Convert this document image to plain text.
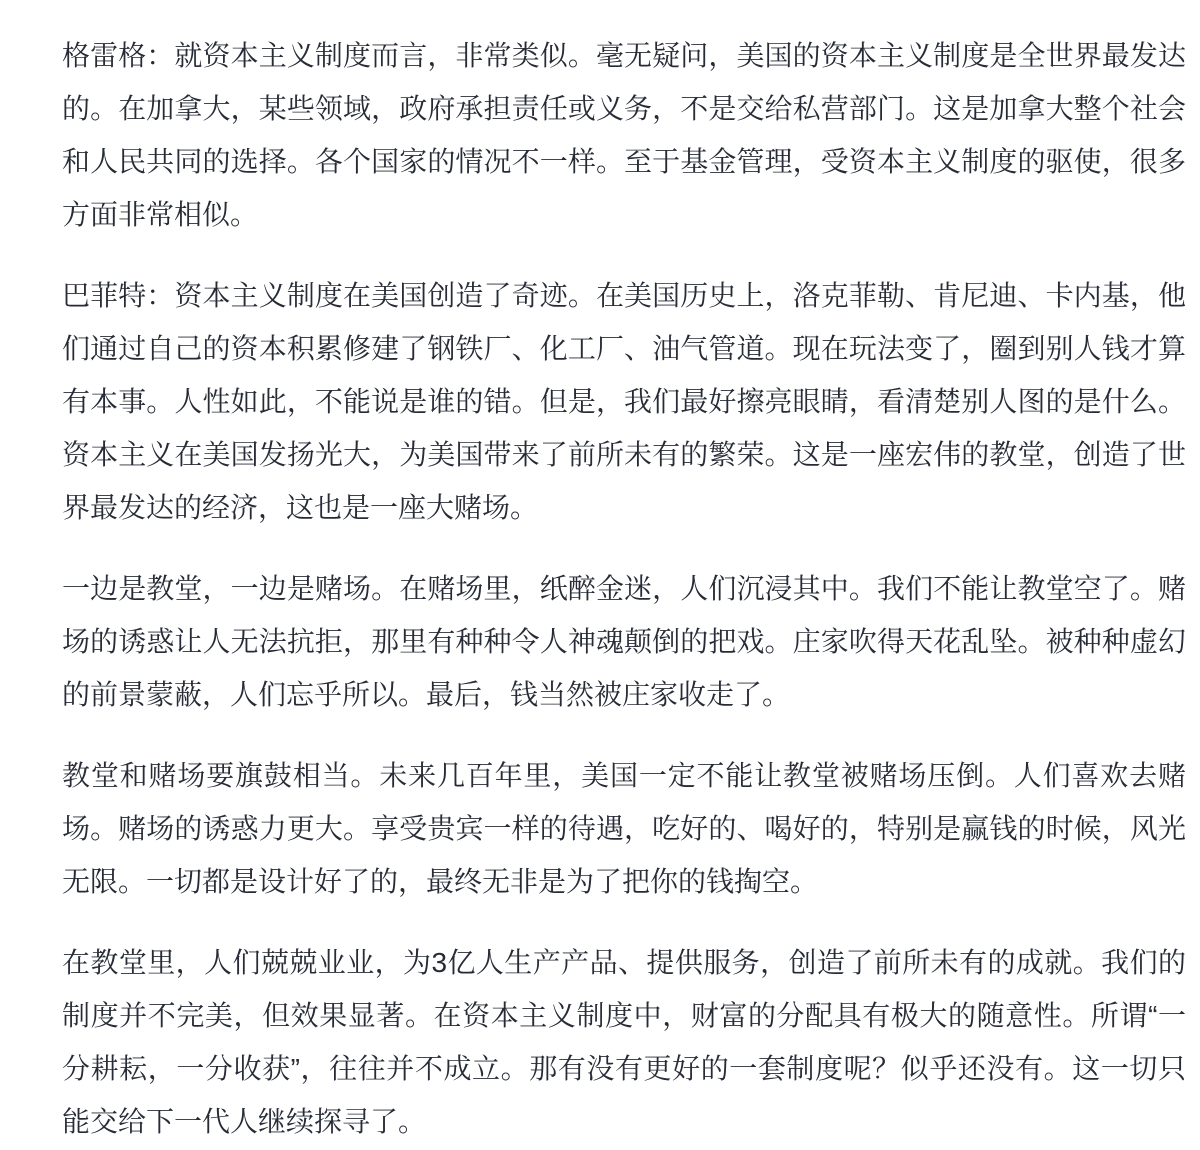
格雷格：就资本主义制度而言，非常类似。毫无疑问，美国的资本主义制度是全世界最发达的。在加拿大，某些领域，政府承担责任或义务，不是交给私营部门。这是加拿大整个社会和人民共同的选择。各个国家的情况不一样。至于基金管理，受资本主义制度的驱使，很多方面非常相似。

巴菲特：资本主义制度在美国创造了奇迹。在美国历史上，洛克菲勒、肯尼迪、卡内基，他们通过自己的资本积累修建了钢铁厂、化工厂、油气管道。现在玩法变了，圈到别人钱才算有本事。人性如此，不能说是谁的错。但是，我们最好擦亮眼睛，看清楚别人图的是什么。资本主义在美国发扬光大，为美国带来了前所未有的繁荣。这是一座宏伟的教堂，创造了世界最发达的经济，这也是一座大赌场。

一边是教堂，一边是赌场。在赌场里，纸醉金迷，人们沉浸其中。我们不能让教堂空了。赌场的诱惑让人无法抗拒，那里有种种令人神魂颠倒的把戏。庄家吹得天花乱坠。被种种虚幻的前景蒙蔽，人们忘乎所以。最后，钱当然被庄家收走了。

教堂和赌场要旗鼓相当。未来几百年里，美国一定不能让教堂被赌场压倒。人们喜欢去赌场。赌场的诱惑力更大。享受贵宾一样的待遇，吃好的、喝好的，特别是赢钱的时候，风光无限。一切都是设计好了的，最终无非是为了把你的钱掏空。

在教堂里，人们兢兢业业，为3亿人生产产品、提供服务，创造了前所未有的成就。我们的制度并不完美，但效果显著。在资本主义制度中，财富的分配具有极大的随意性。所谓“一分耕耘，一分收获”，往往并不成立。那有没有更好的一套制度呢？似乎还没有。这一切只能交给下一代人继续探寻了。
